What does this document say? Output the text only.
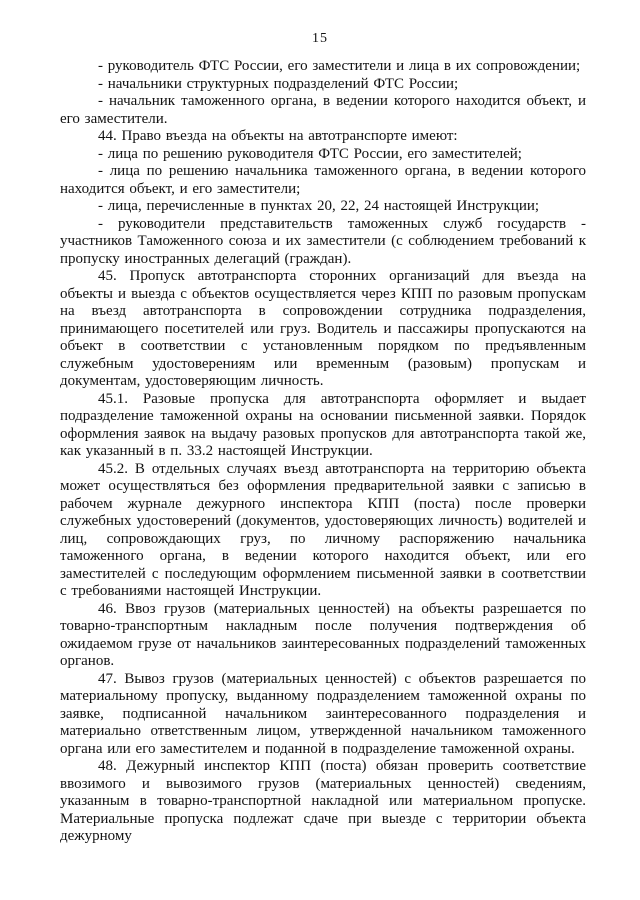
15

- руководитель ФТС России, его заместители и лица в их сопровождении;

- начальники структурных подразделений ФТС России;

- начальник таможенного органа, в ведении которого находится объект, и его заместители.

44. Право въезда на объекты на автотранспорте имеют:

- лица по решению руководителя ФТС России, его заместителей;

- лица по решению начальника таможенного органа, в ведении которого находится объект, и его заместители;

- лица, перечисленные в пунктах 20, 22, 24 настоящей Инструкции;

- руководители представительств таможенных служб государств - участников Таможенного союза и их заместители (с соблюдением требований к пропуску иностранных делегаций (граждан).

45. Пропуск автотранспорта сторонних организаций для въезда на объекты и выезда с объектов осуществляется через КПП по разовым пропускам на въезд автотранспорта в сопровождении сотрудника подразделения, принимающего посетителей или груз. Водитель и пассажиры пропускаются на объект в соответствии с установленным порядком по предъявленным служебным удостоверениям или временным (разовым) пропускам и документам, удостоверяющим личность.

45.1. Разовые пропуска для автотранспорта оформляет и выдает подразделение таможенной охраны на основании письменной заявки. Порядок оформления заявок на выдачу разовых пропусков для автотранспорта такой же, как указанный в п. 33.2 настоящей Инструкции.

45.2. В отдельных случаях въезд автотранспорта на территорию объекта может осуществляться без оформления предварительной заявки с записью в рабочем журнале дежурного инспектора КПП (поста) после проверки служебных удостоверений (документов, удостоверяющих личность) водителей и лиц, сопровождающих груз, по личному распоряжению начальника таможенного органа, в ведении которого находится объект, или его заместителей с последующим оформлением письменной заявки в соответствии с требованиями настоящей Инструкции.

46. Ввоз грузов (материальных ценностей) на объекты разрешается по товарно-транспортным накладным после получения подтверждения об ожидаемом грузе от начальников заинтересованных подразделений таможенных органов.

47. Вывоз грузов (материальных ценностей) с объектов разрешается по материальному пропуску, выданному подразделением таможенной охраны по заявке, подписанной начальником заинтересованного подразделения и материально ответственным лицом, утвержденной начальником таможенного органа или его заместителем и поданной в подразделение таможенной охраны.

48. Дежурный инспектор КПП (поста) обязан проверить соответствие ввозимого и вывозимого грузов (материальных ценностей) сведениям, указанным в товарно-транспортной накладной или материальном пропуске. Материальные пропуска подлежат сдаче при выезде с территории объекта дежурному
